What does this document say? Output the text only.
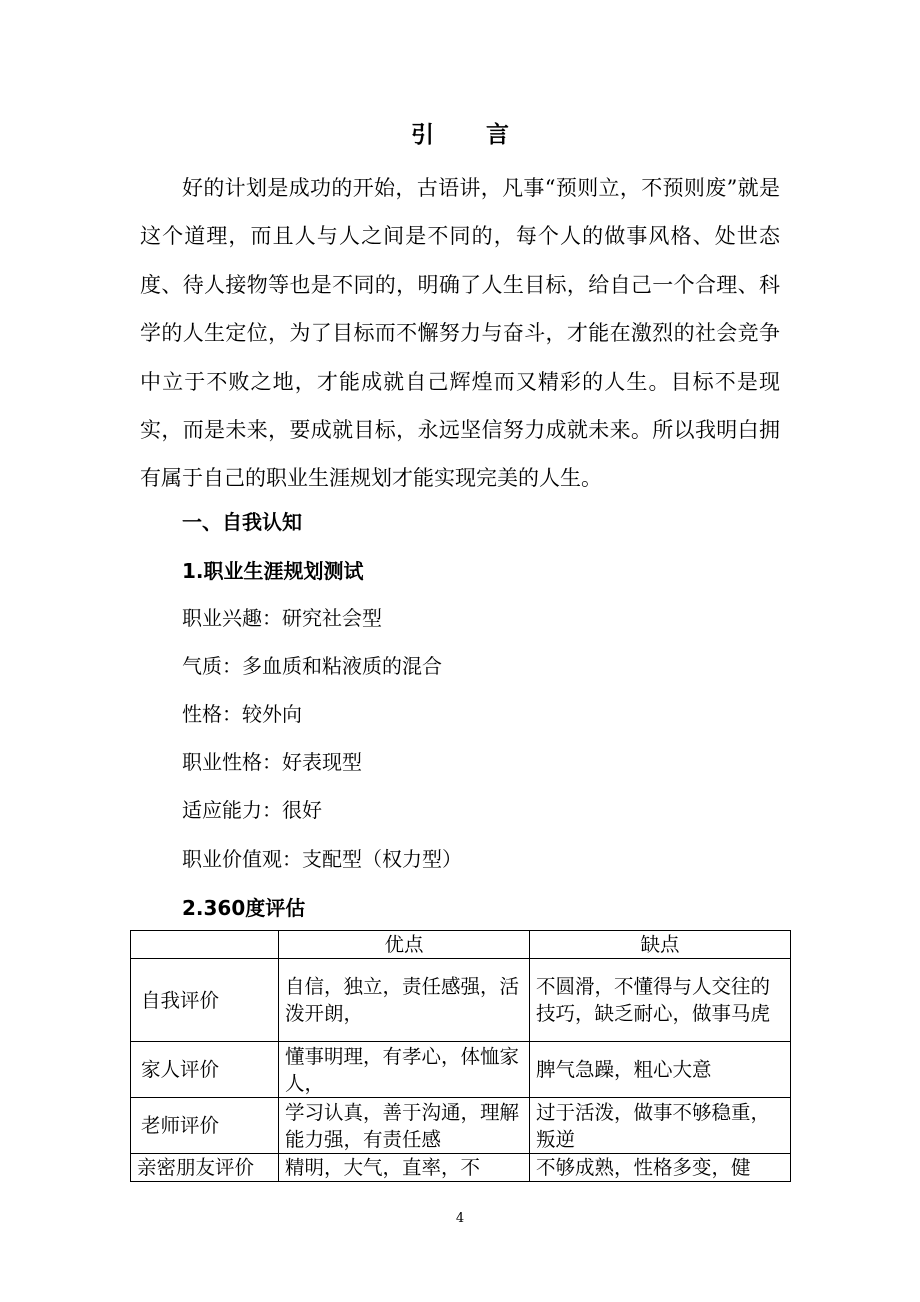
引 言

好的计划是成功的开始，古语讲，凡事“预则立，不预则废”就是这个道理，而且人与人之间是不同的，每个人的做事风格、处世态度、待人接物等也是不同的，明确了人生目标，给自己一个合理、科学的人生定位，为了目标而不懈努力与奋斗，才能在激烈的社会竞争中立于不败之地，才能成就自己辉煌而又精彩的人生。目标不是现实，而是未来，要成就目标，永远坚信努力成就未来。所以我明白拥有属于自己的职业生涯规划才能实现完美的人生。

一、自我认知
1.职业生涯规划测试
职业兴趣：研究社会型
气质：多血质和粘液质的混合
性格：较外向
职业性格：好表现型
适应能力：很好
职业价值观：支配型（权力型）
2.360度评估
	优点	缺点
自我评价	自信，独立，责任感强，活泼开朗，	不圆滑，不懂得与人交往的技巧，缺乏耐心，做事马虎
家人评价	懂事明理，有孝心，体恤家人，	脾气急躁，粗心大意
老师评价	学习认真，善于沟通，理解能力强，有责任感	过于活泼，做事不够稳重，叛逆
亲密朋友评价	精明，大气，直率，不	不够成熟，性格多变，健
4
